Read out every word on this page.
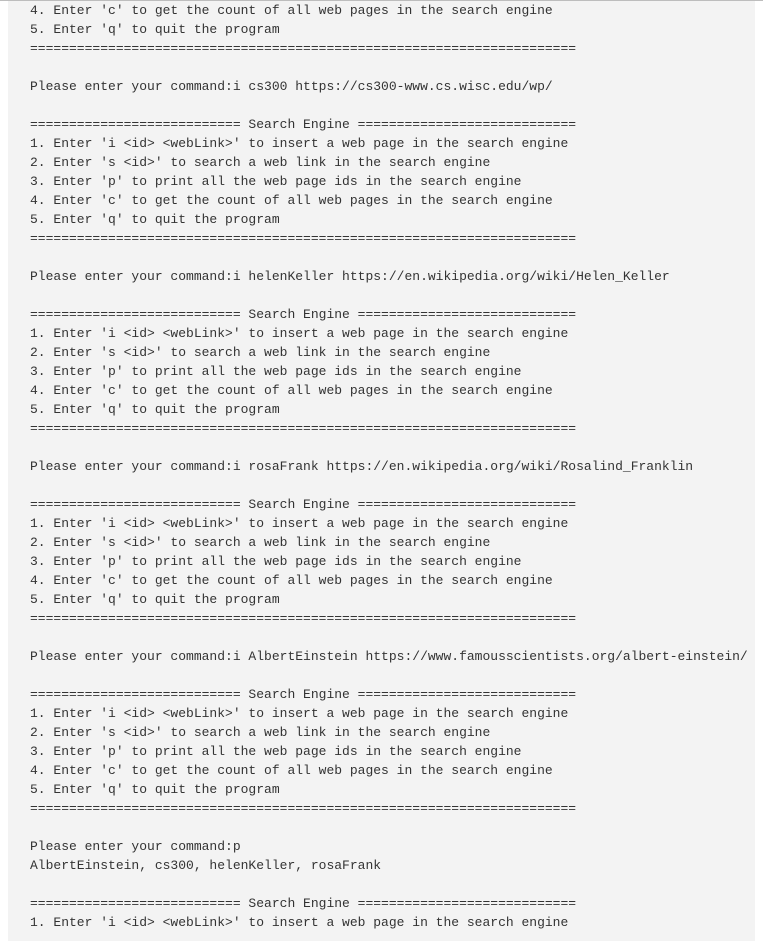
4. Enter 'c' to get the count of all web pages in the search engine
5. Enter 'q' to quit the program
======================================================================
Please enter your command:i cs300 https://cs300-www.cs.wisc.edu/wp/
=========================== Search Engine ============================
1. Enter 'i <id> <webLink>' to insert a web page in the search engine
2. Enter 's <id>' to search a web link in the search engine
3. Enter 'p' to print all the web page ids in the search engine
4. Enter 'c' to get the count of all web pages in the search engine
5. Enter 'q' to quit the program
======================================================================
Please enter your command:i helenKeller https://en.wikipedia.org/wiki/Helen_Keller
=========================== Search Engine ============================
1. Enter 'i <id> <webLink>' to insert a web page in the search engine
2. Enter 's <id>' to search a web link in the search engine
3. Enter 'p' to print all the web page ids in the search engine
4. Enter 'c' to get the count of all web pages in the search engine
5. Enter 'q' to quit the program
======================================================================
Please enter your command:i rosaFrank https://en.wikipedia.org/wiki/Rosalind_Franklin
=========================== Search Engine ============================
1. Enter 'i <id> <webLink>' to insert a web page in the search engine
2. Enter 's <id>' to search a web link in the search engine
3. Enter 'p' to print all the web page ids in the search engine
4. Enter 'c' to get the count of all web pages in the search engine
5. Enter 'q' to quit the program
======================================================================
Please enter your command:i AlbertEinstein https://www.famousscientists.org/albert-einstein/
=========================== Search Engine ============================
1. Enter 'i <id> <webLink>' to insert a web page in the search engine
2. Enter 's <id>' to search a web link in the search engine
3. Enter 'p' to print all the web page ids in the search engine
4. Enter 'c' to get the count of all web pages in the search engine
5. Enter 'q' to quit the program
======================================================================
Please enter your command:p
AlbertEinstein, cs300, helenKeller, rosaFrank
=========================== Search Engine ============================
1. Enter 'i <id> <webLink>' to insert a web page in the search engine
